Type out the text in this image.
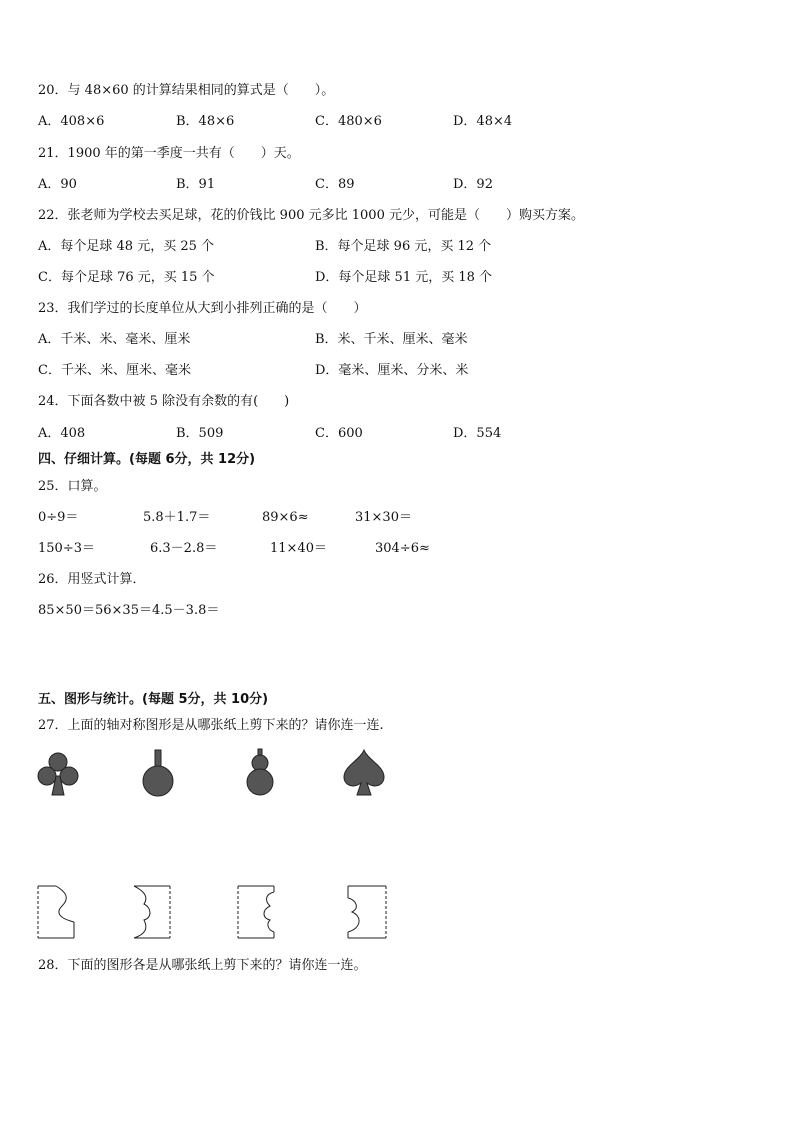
20．与 48×60 的计算结果相同的算式是（　　）。
A．408×6	B．48×6	C．480×6	D．48×4
21．1900 年的第一季度一共有（　　）天。
A．90	B．91	C．89	D．92
22．张老师为学校去买足球，花的价钱比 900 元多比 1000 元少，可能是（　　）购买方案。
A．每个足球 48 元，买 25 个	B．每个足球 96 元，买 12 个
C．每个足球 76 元，买 15 个	D．每个足球 51 元，买 18 个
23．我们学过的长度单位从大到小排列正确的是（　　）
A．千米、米、毫米、厘米	B．米、千米、厘米、毫米
C．千米、米、厘米、毫米	D．毫米、厘米、分米、米
24．下面各数中被 5 除没有余数的有(　　)
A．408	B．509	C．600	D．554
四、仔细计算。(每题 6分，共 12分)
25．口算。
0÷9＝	5.8＋1.7＝	89×6≈	31×30＝
150÷3＝	6.3－2.8＝	11×40＝	304÷6≈
26．用竖式计算．
85×50＝ 56×35＝ 4.5－3.8＝
五、图形与统计。(每题 5分，共 10分)
27．上面的轴对称图形是从哪张纸上剪下来的？请你连一连.
28．下面的图形各是从哪张纸上剪下来的？请你连一连。
